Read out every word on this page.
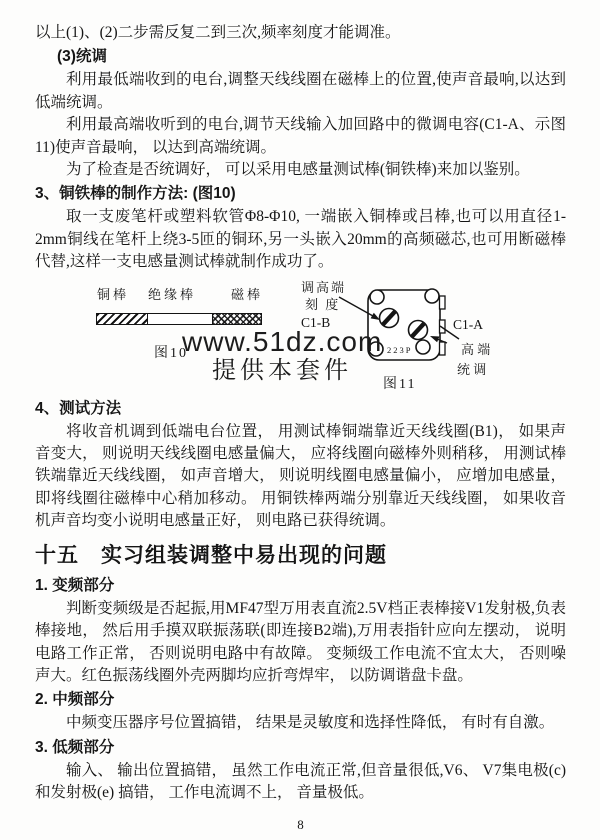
以上(1)、(2)二步需反复二到三次,频率刻度才能调准。

(3)统调

利用最低端收到的电台,调整天线线圈在磁棒上的位置,使声音最响,以达到低端统调。

利用最高端收听到的电台,调节天线输入加回路中的微调电容(C1-A、示图11)使声音最响， 以达到高端统调。

为了检查是否统调好， 可以采用电感量测试棒(铜铁棒)来加以鉴别。

3、铜铁棒的制作方法: (图10)

取一支废笔杆或塑料软管Φ8-Φ10, 一端嵌入铜棒或吕棒,也可以用直径1-2mm铜线在笔杆上绕3-5匝的铜环,另一头嵌入20mm的高频磁芯,也可用断磁棒代替,这样一支电感量测试棒就制作成功了。

铜棒 绝缘棒	磁棒
图10	223P
调高端
刻 度
C1-B	C1-A
高 端
统 调
图11
www.51dz.com
提供本套件
4、测试方法

将收音机调到低端电台位置， 用测试棒铜端靠近天线线圈(B1)， 如果声音变大， 则说明天线线圈电感量偏大， 应将线圈向磁棒外则稍移， 用测试棒铁端靠近天线线圈， 如声音增大， 则说明线圈电感量偏小， 应增加电感量， 即将线圈往磁棒中心稍加移动。 用铜铁棒两端分别靠近天线线圈， 如果收音机声音均变小说明电感量正好， 则电路已获得统调。

十五　实习组装调整中易出现的问题
1. 变频部分

判断变频级是否起振,用MF47型万用表直流2.5V档正表棒接V1发射极,负表棒接地， 然后用手摸双联振荡联(即连接B2端),万用表指针应向左摆动， 说明电路工作正常， 否则说明电路中有故障。 变频级工作电流不宜太大， 否则噪声大。红色振荡线圈外壳两脚均应折弯焊牢， 以防调谐盘卡盘。

2. 中频部分

中频变压器序号位置搞错， 结果是灵敏度和选择性降低， 有时有自激。

3. 低频部分

输入、 输出位置搞错， 虽然工作电流正常,但音量很低,V6、 V7集电极(c)和发射极(e) 搞错， 工作电流调不上， 音量极低。

8
